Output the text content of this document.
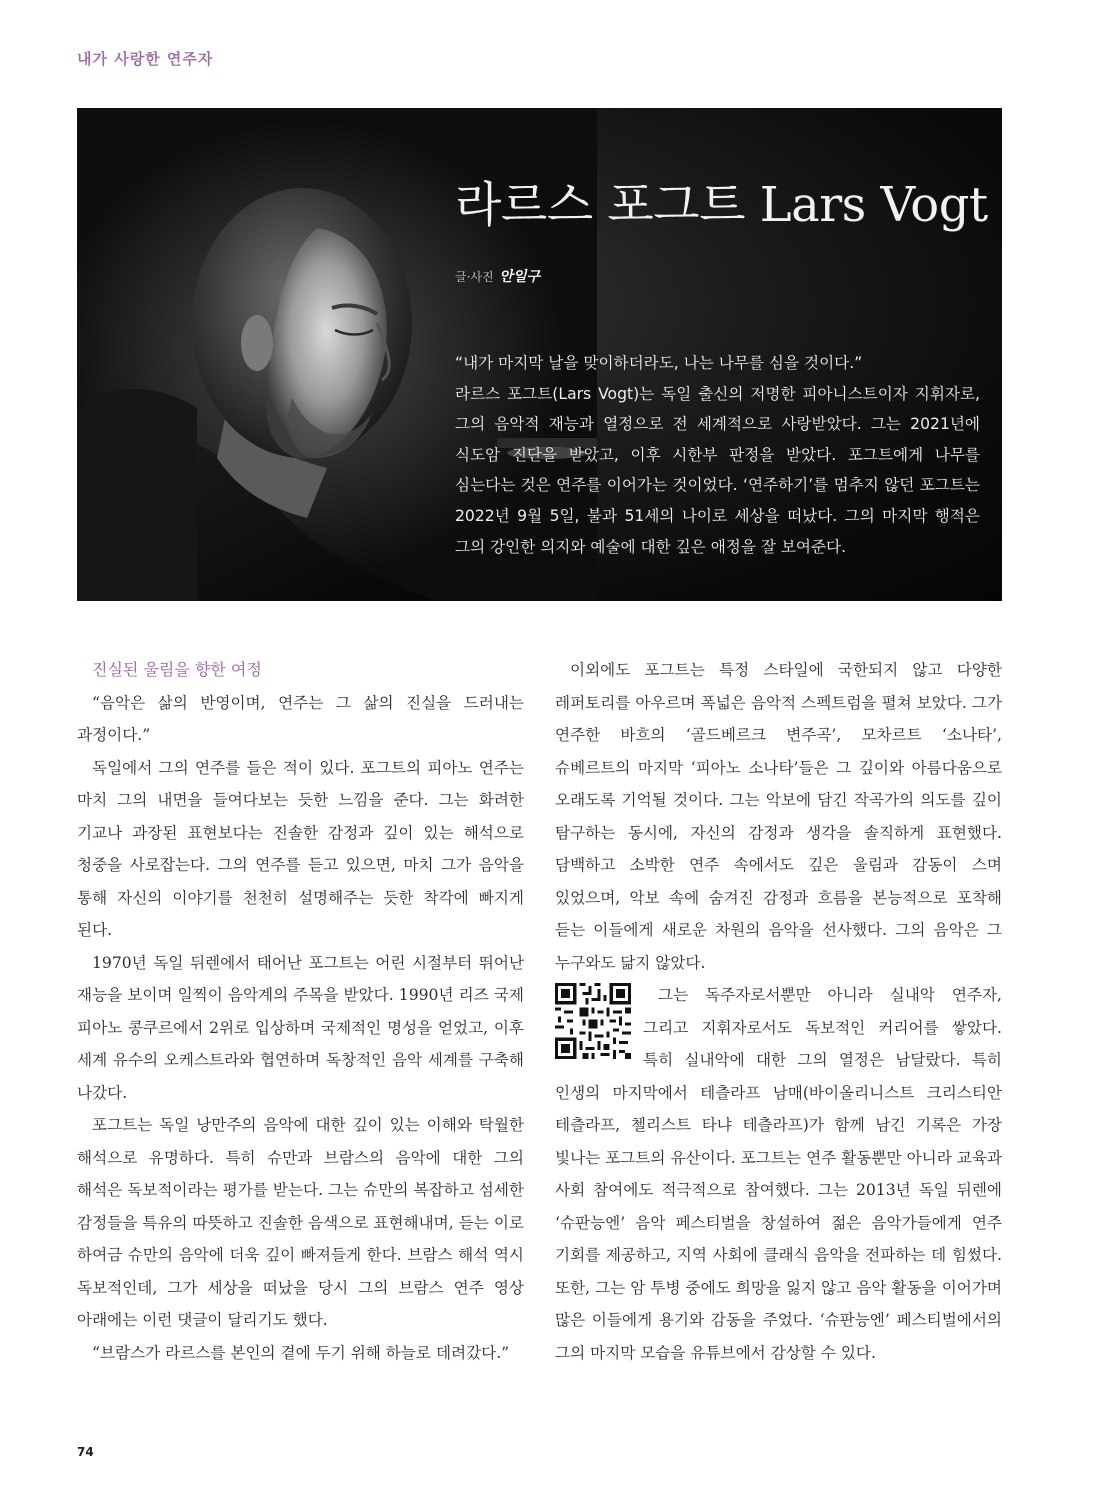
내가 사랑한 연주자
라르스 포그트 Lars Vogt
글·사진 안일구

“내가 마지막 날을 맞이하더라도, 나는 나무를 심을 것이다.”

라르스 포그트(Lars Vogt)는 독일 출신의 저명한 피아니스트이자 지휘자로, 그의 음악적 재능과 열정으로 전 세계적으로 사랑받았다. 그는 2021년에 식도암 진단을 받았고, 이후 시한부 판정을 받았다. 포그트에게 나무를 심는다는 것은 연주를 이어가는 것이었다. ‘연주하기’를 멈추지 않던 포그트는 2022년 9월 5일, 불과 51세의 나이로 세상을 떠났다. 그의 마지막 행적은 그의 강인한 의지와 예술에 대한 깊은 애정을 잘 보여준다.

진실된 울림을 향한 여정

“음악은 삶의 반영이며, 연주는 그 삶의 진실을 드러내는 과정이다.”

독일에서 그의 연주를 들은 적이 있다. 포그트의 피아노 연주는 마치 그의 내면을 들여다보는 듯한 느낌을 준다. 그는 화려한 기교나 과장된 표현보다는 진솔한 감정과 깊이 있는 해석으로 청중을 사로잡는다. 그의 연주를 듣고 있으면, 마치 그가 음악을 통해 자신의 이야기를 천천히 설명해주는 듯한 착각에 빠지게 된다.

1970년 독일 뒤렌에서 태어난 포그트는 어린 시절부터 뛰어난 재능을 보이며 일찍이 음악계의 주목을 받았다. 1990년 리즈 국제 피아노 콩쿠르에서 2위로 입상하며 국제적인 명성을 얻었고, 이후 세계 유수의 오케스트라와 협연하며 독창적인 음악 세계를 구축해 나갔다.

포그트는 독일 낭만주의 음악에 대한 깊이 있는 이해와 탁월한 해석으로 유명하다. 특히 슈만과 브람스의 음악에 대한 그의 해석은 독보적이라는 평가를 받는다. 그는 슈만의 복잡하고 섬세한 감정들을 특유의 따뜻하고 진솔한 음색으로 표현해내며, 듣는 이로 하여금 슈만의 음악에 더욱 깊이 빠져들게 한다. 브람스 해석 역시 독보적인데, 그가 세상을 떠났을 당시 그의 브람스 연주 영상 아래에는 이런 댓글이 달리기도 했다.

“브람스가 라르스를 본인의 곁에 두기 위해 하늘로 데려갔다.”

이외에도 포그트는 특정 스타일에 국한되지 않고 다양한 레퍼토리를 아우르며 폭넓은 음악적 스펙트럼을 펼쳐 보았다. 그가 연주한 바흐의 ‘골드베르크 변주곡’, 모차르트 ‘소나타’, 슈베르트의 마지막 ‘피아노 소나타’들은 그 깊이와 아름다움으로 오래도록 기억될 것이다. 그는 악보에 담긴 작곡가의 의도를 깊이 탐구하는 동시에, 자신의 감정과 생각을 솔직하게 표현했다. 담백하고 소박한 연주 속에서도 깊은 울림과 감동이 스며 있었으며, 악보 속에 숨겨진 감정과 흐름을 본능적으로 포착해 듣는 이들에게 새로운 차원의 음악을 선사했다. 그의 음악은 그 누구와도 닮지 않았다.

그는 독주자로서뿐만 아니라 실내악 연주자, 그리고 지휘자로서도 독보적인 커리어를 쌓았다. 특히 실내악에 대한 그의 열정은 남달랐다. 특히 인생의 마지막에서 테츨라프 남매(바이올리니스트 크리스티안 테츨라프, 첼리스트 타냐 테츨라프)가 함께 남긴 기록은 가장 빛나는 포그트의 유산이다. 포그트는 연주 활동뿐만 아니라 교육과 사회 참여에도 적극적으로 참여했다. 그는 2013년 독일 뒤렌에 ‘슈판능엔’ 음악 페스티벌을 창설하여 젊은 음악가들에게 연주 기회를 제공하고, 지역 사회에 클래식 음악을 전파하는 데 힘썼다. 또한, 그는 암 투병 중에도 희망을 잃지 않고 음악 활동을 이어가며 많은 이들에게 용기와 감동을 주었다. ‘슈판능엔’ 페스티벌에서의 그의 마지막 모습을 유튜브에서 감상할 수 있다.

74
